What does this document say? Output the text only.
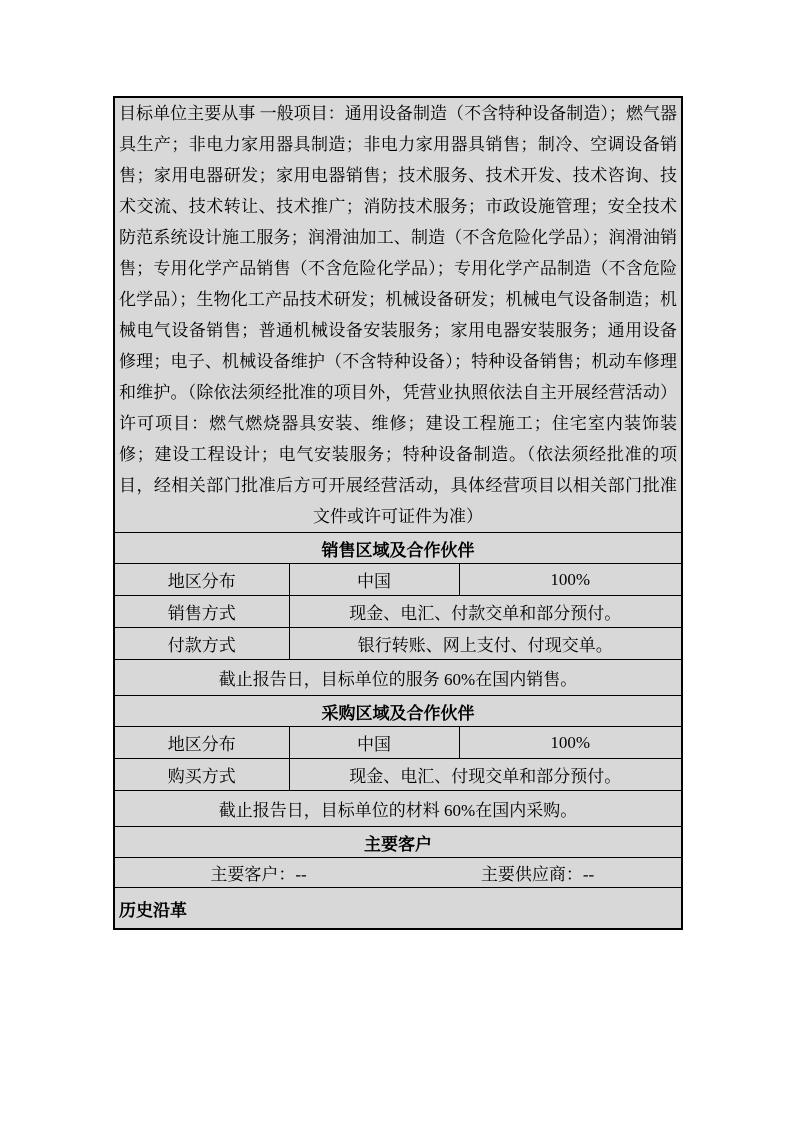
目标单位主要从事 一般项目：通用设备制造（不含特种设备制造）；燃气器具生产；非电力家用器具制造；非电力家用器具销售；制冷、空调设备销售；家用电器研发；家用电器销售；技术服务、技术开发、技术咨询、技术交流、技术转让、技术推广；消防技术服务；市政设施管理；安全技术防范系统设计施工服务；润滑油加工、制造（不含危险化学品）；润滑油销售；专用化学产品销售（不含危险化学品）；专用化学产品制造（不含危险化学品）；生物化工产品技术研发；机械设备研发；机械电气设备制造；机械电气设备销售；普通机械设备安装服务；家用电器安装服务；通用设备修理；电子、机械设备维护（不含特种设备）；特种设备销售；机动车修理和维护。（除依法须经批准的项目外，凭营业执照依法自主开展经营活动）许可项目：燃气燃烧器具安装、维修；建设工程施工；住宅室内装饰装修；建设工程设计；电气安装服务；特种设备制造。（依法须经批准的项目，经相关部门批准后方可开展经营活动，具体经营项目以相关部门批准文件或许可证件为准）		
销售区域及合作伙伴		
地区分布	中国	100%
销售方式	现金、电汇、付款交单和部分预付。	
付款方式	银行转账、网上支付、付现交单。	
截止报告日，目标单位的服务 60%在国内销售。		
采购区域及合作伙伴		
地区分布	中国	100%
购买方式	现金、电汇、付现交单和部分预付。	
截止报告日，目标单位的材料 60%在国内采购。		
主要客户		

主要客户：-- 主要供应商：--		

历史沿革		
